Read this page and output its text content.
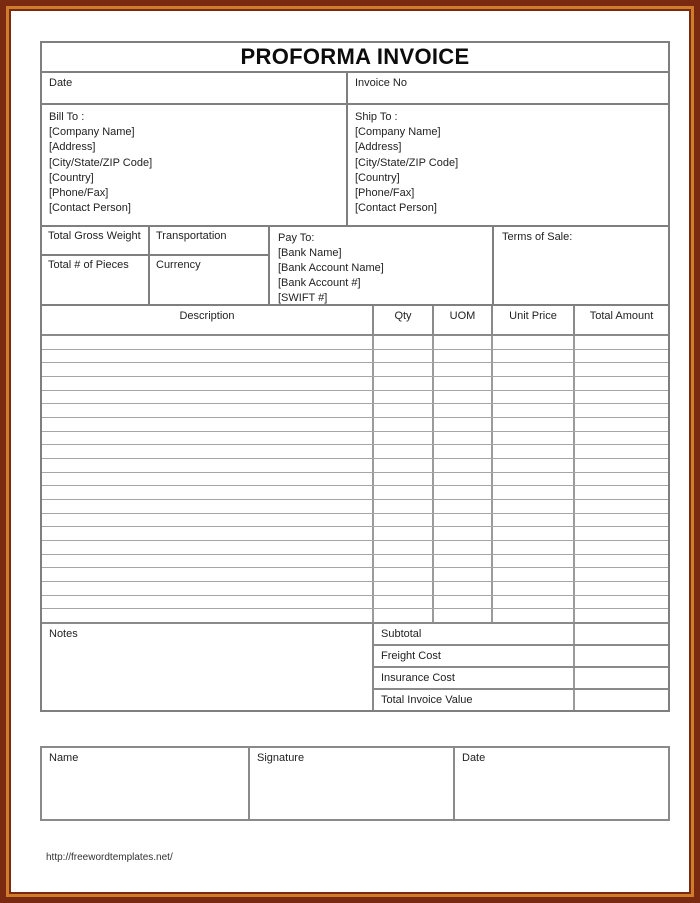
PROFORMA INVOICE
Date	Invoice No
Bill To :
[Company Name]
[Address]
[City/State/ZIP Code]
[Country]
[Phone/Fax]
[Contact Person]
Ship To :
[Company Name]
[Address]
[City/State/ZIP Code]
[Country]
[Phone/Fax]
[Contact Person]
Total Gross Weight	Transportation
Total # of Pieces	Currency
Pay To:
[Bank Name]
[Bank Account Name]
[Bank Account #]
[SWIFT #]
Terms of Sale:
Description	Qty	UOM	Unit Price	Total Amount
Notes	Subtotal
Freight Cost
Insurance Cost
Total Invoice Value
Name	Signature	Date
http://freewordtemplates.net/
